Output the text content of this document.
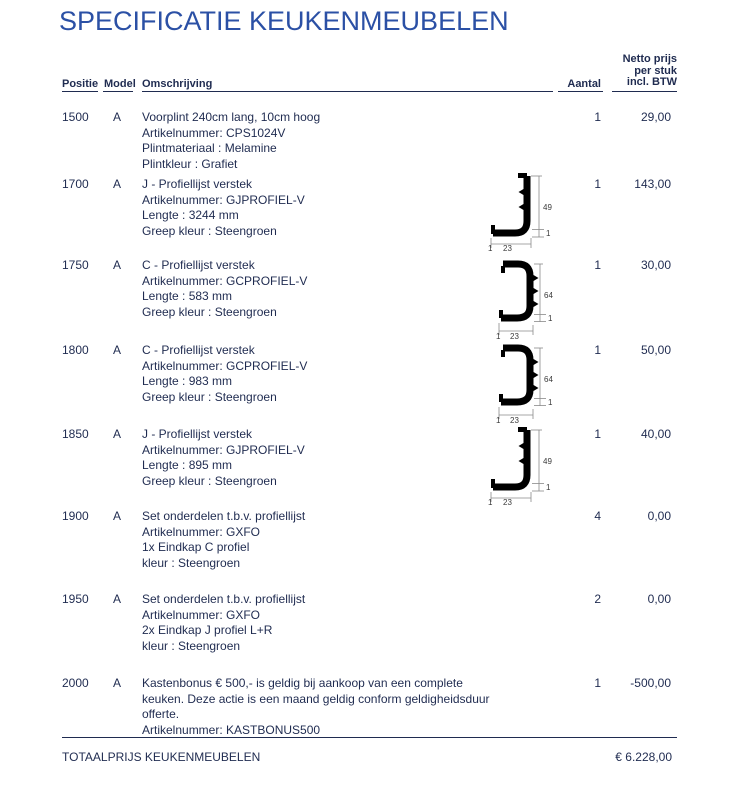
SPECIFICATIE KEUKENMEUBELEN
Positie Model Omschrijving	Aantal
Netto prijs
per stuk
incl. BTW
1500 A Voorplint 240cm lang, 10cm hoog
Artikelnummer: CPS1024V
Plintmateriaal : Melamine
Plintkleur : Grafiet
1	29,00
1700 A J - Profiellijst verstek
Artikelnummer: GJPROFIEL-V
Lengte : 3244 mm
Greep kleur : Steengroen
1	143,00
49
1
1 23
1750 A C - Profiellijst verstek
Artikelnummer: GCPROFIEL-V
Lengte : 583 mm
Greep kleur : Steengroen
1	30,00
64
1
1 23
1800 A C - Profiellijst verstek
Artikelnummer: GCPROFIEL-V
Lengte : 983 mm
Greep kleur : Steengroen
1	50,00
64
1
1 23
1850 A J - Profiellijst verstek
Artikelnummer: GJPROFIEL-V
Lengte : 895 mm
Greep kleur : Steengroen
1	40,00
49
1
1 23
1900 A Set onderdelen t.b.v. profiellijst
Artikelnummer: GXFO
1x Eindkap C profiel
kleur : Steengroen
4	0,00
1950 A Set onderdelen t.b.v. profiellijst
Artikelnummer: GXFO
2x Eindkap J profiel L+R
kleur : Steengroen
2	0,00
2000 A Kastenbonus € 500,- is geldig bij aankoop van een complete
keuken. Deze actie is een maand geldig conform geldigheidsduur
offerte.
Artikelnummer: KASTBONUS500
1	-500,00
TOTAALPRIJS KEUKENMEUBELEN	€ 6.228,00
